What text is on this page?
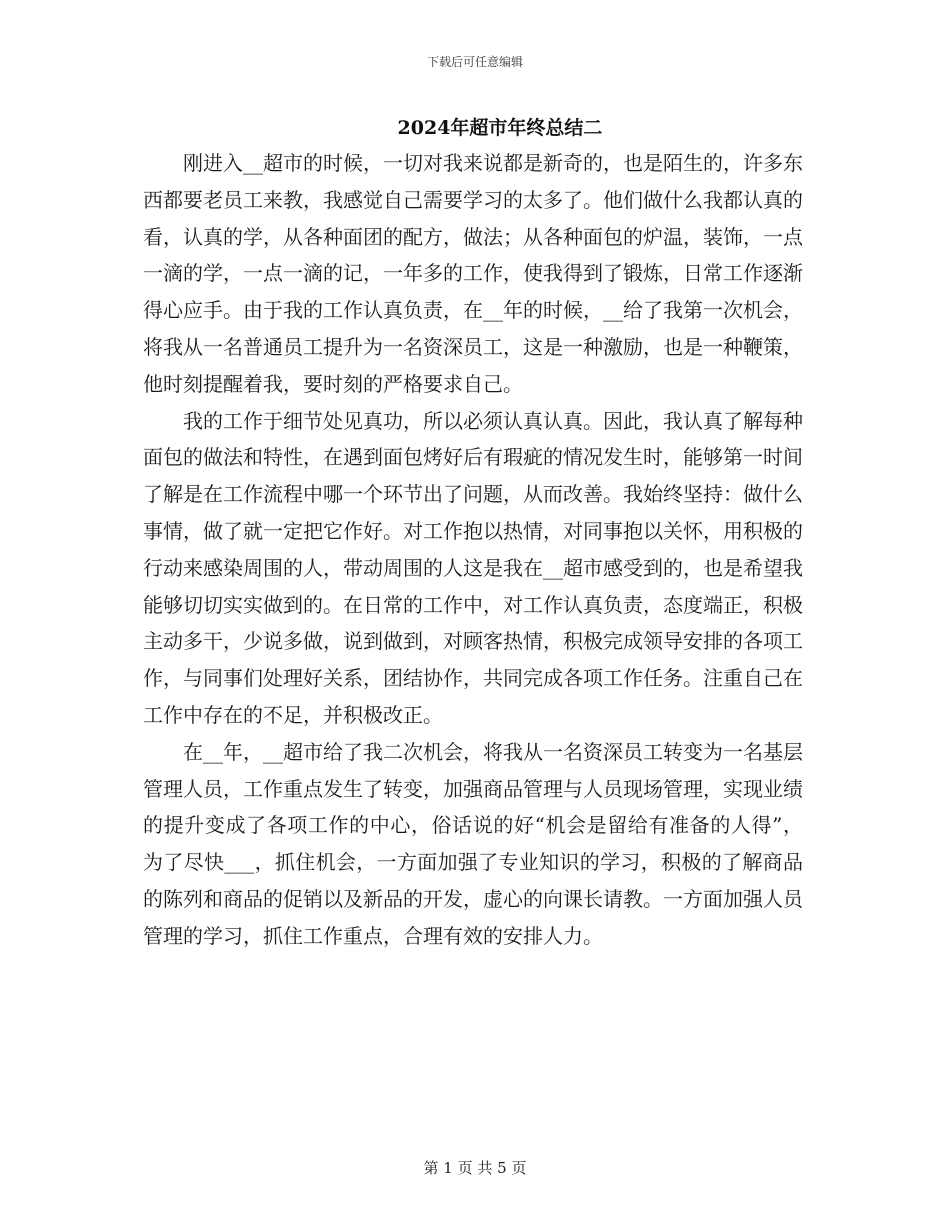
下载后可任意编辑
2024年超市年终总结二

刚进入__超市的时候，一切对我来说都是新奇的，也是陌生的，许多东西都要老员工来教，我感觉自己需要学习的太多了。他们做什么我都认真的看，认真的学，从各种面团的配方，做法；从各种面包的炉温，装饰，一点一滴的学，一点一滴的记，一年多的工作，使我得到了锻炼，日常工作逐渐得心应手。由于我的工作认真负责，在__年的时候，__给了我第一次机会，将我从一名普通员工提升为一名资深员工，这是一种激励，也是一种鞭策，他时刻提醒着我，要时刻的严格要求自己。

我的工作于细节处见真功，所以必须认真认真。因此，我认真了解每种面包的做法和特性，在遇到面包烤好后有瑕疵的情况发生时，能够第一时间了解是在工作流程中哪一个环节出了问题，从而改善。我始终坚持：做什么事情，做了就一定把它作好。对工作抱以热情，对同事抱以关怀，用积极的行动来感染周围的人，带动周围的人这是我在__超市感受到的，也是希望我能够切切实实做到的。在日常的工作中，对工作认真负责，态度端正，积极主动多干，少说多做，说到做到，对顾客热情，积极完成领导安排的各项工作，与同事们处理好关系，团结协作，共同完成各项工作任务。注重自己在工作中存在的不足，并积极改正。

在__年，__超市给了我二次机会，将我从一名资深员工转变为一名基层管理人员，工作重点发生了转变，加强商品管理与人员现场管理，实现业绩的提升变成了各项工作的中心，俗话说的好“机会是留给有准备的人得”，为了尽快___，抓住机会，一方面加强了专业知识的学习，积极的了解商品的陈列和商品的促销以及新品的开发，虚心的向课长请教。一方面加强人员管理的学习，抓住工作重点，合理有效的安排人力。

第 1 页 共 5 页
